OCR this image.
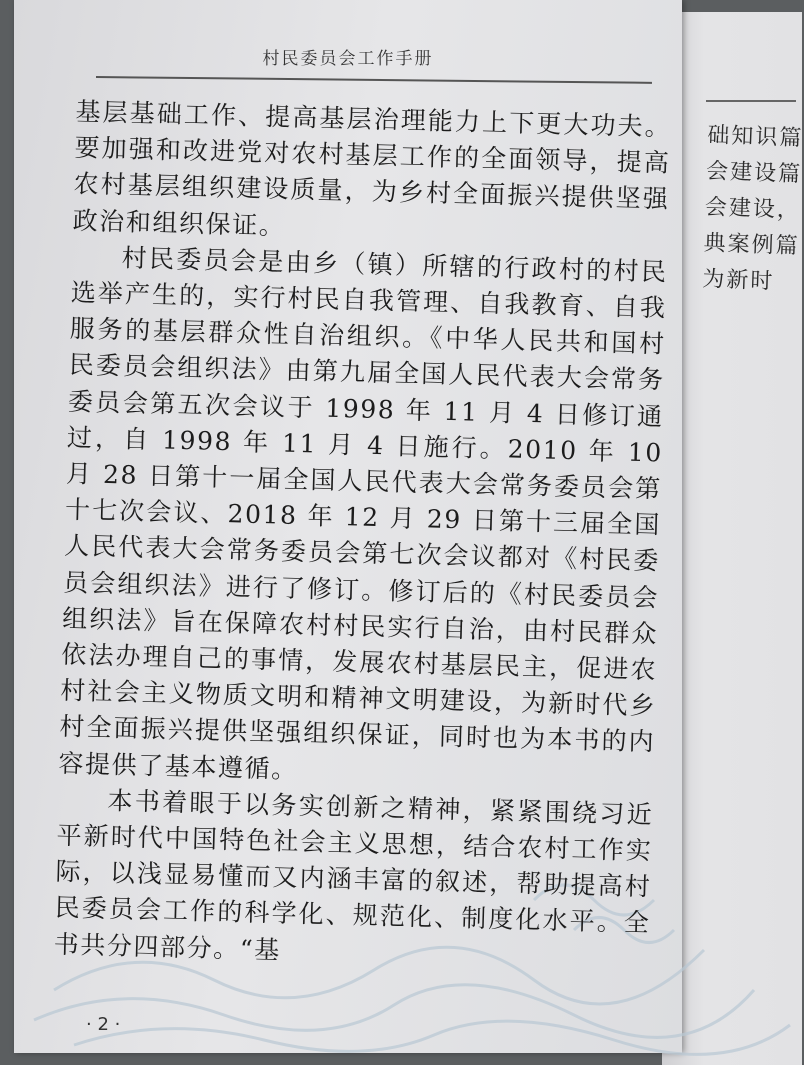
础知识篇
会建设篇
会建设，
典案例篇
为新时
村民委员会工作手册

基层基础工作、提高基层治理能力上下更大功夫。要加强和改进党对农村基层工作的全面领导，提高农村基层组织建设质量，为乡村全面振兴提供坚强政治和组织保证。

村民委员会是由乡（镇）所辖的行政村的村民选举产生的，实行村民自我管理、自我教育、自我服务的基层群众性自治组织。《中华人民共和国村民委员会组织法》由第九届全国人民代表大会常务委员会第五次会议于 1998 年 11 月 4 日修订通过，自 1998 年 11 月 4 日施行。2010 年 10 月 28 日第十一届全国人民代表大会常务委员会第十七次会议、2018 年 12 月 29 日第十三届全国人民代表大会常务委员会第七次会议都对《村民委员会组织法》进行了修订。修订后的《村民委员会组织法》旨在保障农村村民实行自治，由村民群众依法办理自己的事情，发展农村基层民主，促进农村社会主义物质文明和精神文明建设，为新时代乡村全面振兴提供坚强组织保证，同时也为本书的内容提供了基本遵循。

本书着眼于以务实创新之精神，紧紧围绕习近平新时代中国特色社会主义思想，结合农村工作实际，以浅显易懂而又内涵丰富的叙述，帮助提高村民委员会工作的科学化、规范化、制度化水平。全书共分四部分。“基

· 2 ·
